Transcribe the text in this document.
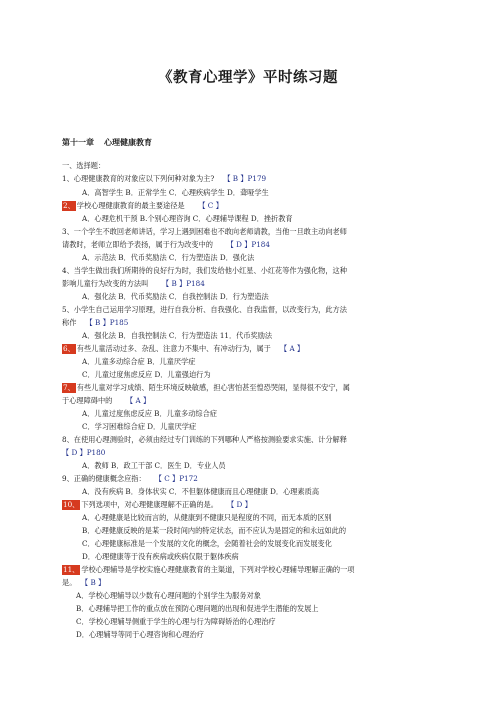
《教育心理学》平时练习题
第十一章 心理健康教育
一、选择题：
1、心理健康教育的对象应以下列何种对象为主? 【 B 】P179
A．高智学生 B．正常学生 C．心理疾病学生 D．聋哑学生
2、 学校心理健康教育的最主要途径是 【 C 】
A．心理危机干预 B.个别心理咨询 C．心理辅导课程 D．挫折教育
3、一个学生不敢回老师讲话，学习上遇到困难也不敢向老师请教，当他一旦敢主动向老师
请教时，老师立即给予表扬，属于行为改变中的 【 D 】P184
A．示范法 B．代币奖励法 C．行为塑造法 D．强化法
4、当学生做出我们所期待的良好行为时，我们发给他小红星、小红花等作为强化物，这种
影响儿童行为改变的方法叫 【 B 】P184
A．强化法 B．代币奖励法 C．自我控制法 D．行为塑造法
5、小学生自己运用学习原理，进行自我分析、自我强化、自我监督，以改变行为，此方法
称作 【 B 】P185
A．强化法 B．自我控制法 C．行为塑造法 11．代币奖励法
6、 有些儿童活动过多、杂乱、注意力不集中、有冲动行为，属于 【 A 】
A．儿童多动综合症 B．儿童厌学症
C．儿童过度焦虑反应 D．儿童强迫行为
7、 有些儿童对学习成绩、陌生环境反映敏感，担心害怕甚至惶恐哭闹，显得很不安宁，属
于心理障碍中的 【 A 】
A．儿童过度焦虑反应 B．儿童多动综合症
C．学习困难综合症 D．儿童厌学症
8、在使用心理测验时，必须由经过专门训练的下列哪种人严格按测验要求实施、计分解释
【 D 】P180
A．教师 B．政工干部 C．医生 D．专业人员
9、正确的健康概念应指： 【 C 】P172
A．没有疾病 B．身体状实 C．不但躯体健康而且心理健康 D．心理素质高
10、 下列选项中，对心理健康理解不正确的是。 【 D 】
A．心理健康是比较而言的，从健康到不健康只是程度的不同，而无本质的区别
B．心理健康反映的是某一段时间内的特定状态，而不应认为是固定的和永远如此的
C．心理健康标准是一个发展的文化的概念，会随着社会的发展变化而发展变化
D．心理健康等于没有疾病或疾病仅限于躯体疾病
11、 学校心理辅导是学校实施心理健康教育的主渠道，下列对学校心理辅导理解正确的一项
是。 【 B 】
A．学校心理辅导以少数有心理问题的个别学生为服务对象
B．心理辅导把工作的重点放在预防心理问题的出现和促进学生潜能的发展上
C．学校心理辅导侧重于学生的心理与行为障碍矫治的心理治疗
D．心理辅导等同于心理咨询和心理治疗
